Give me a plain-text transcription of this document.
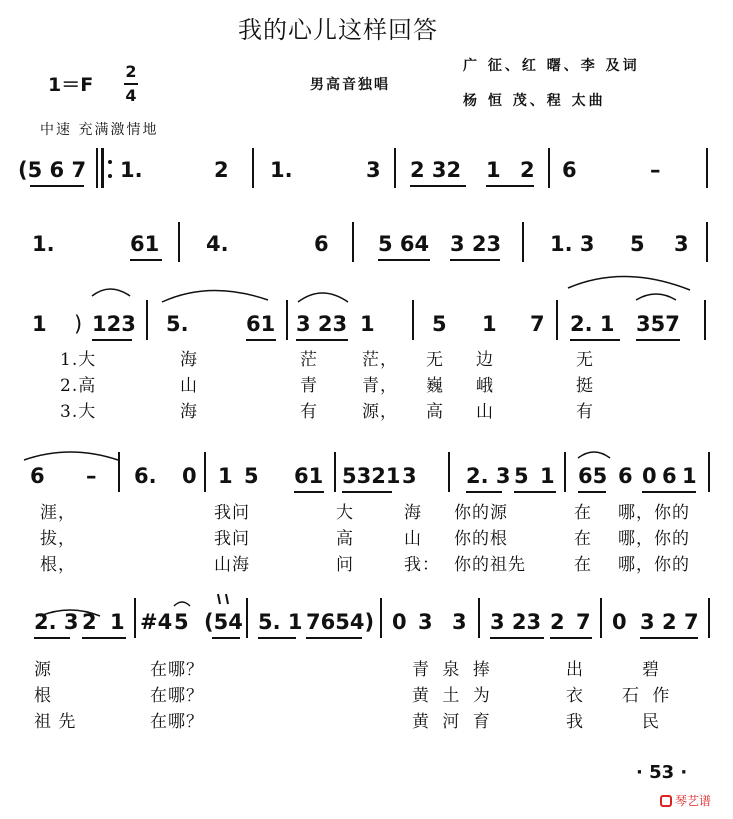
我的心儿这样回答
1＝F
2
4
男高音独唱
广 征、红 曙、李 及词
杨 恒 茂、程 太曲
中速 充满激情地
(5 6 7 1.	2 1.	3 2 32 1 2 6	–
1.	61 4.	6 5 64 3 23 1. 3 5 3
1 ) 123 5.	61 3 23 1	5 1 7 2. 1 357
1.大	海	茫	茫， 无 边	无
2.高	山	青	青， 巍 峨	挺
3.大	海	有	源， 高 山	有
6 – 6. 0 1 5 61 5321 3 2. 3 5 1 65 6 0 6 1
涯，	我问	大	海 你的源	在 哪，你的
拔，	我问	高	山 你的根	在 哪，你的
根，	山海	问	我： 你的祖先	在 哪，你的
2. 3 2 1 #4 5 (54 5. 1 7654) 0 3 3 3 23 2 7 0 3 2 7
源	在哪？	青 泉 捧	出	碧
根	在哪？	黄 土 为	衣 石 作
祖 先	在哪？	黄 河 育	我	民
· 53 ·
琴艺谱
